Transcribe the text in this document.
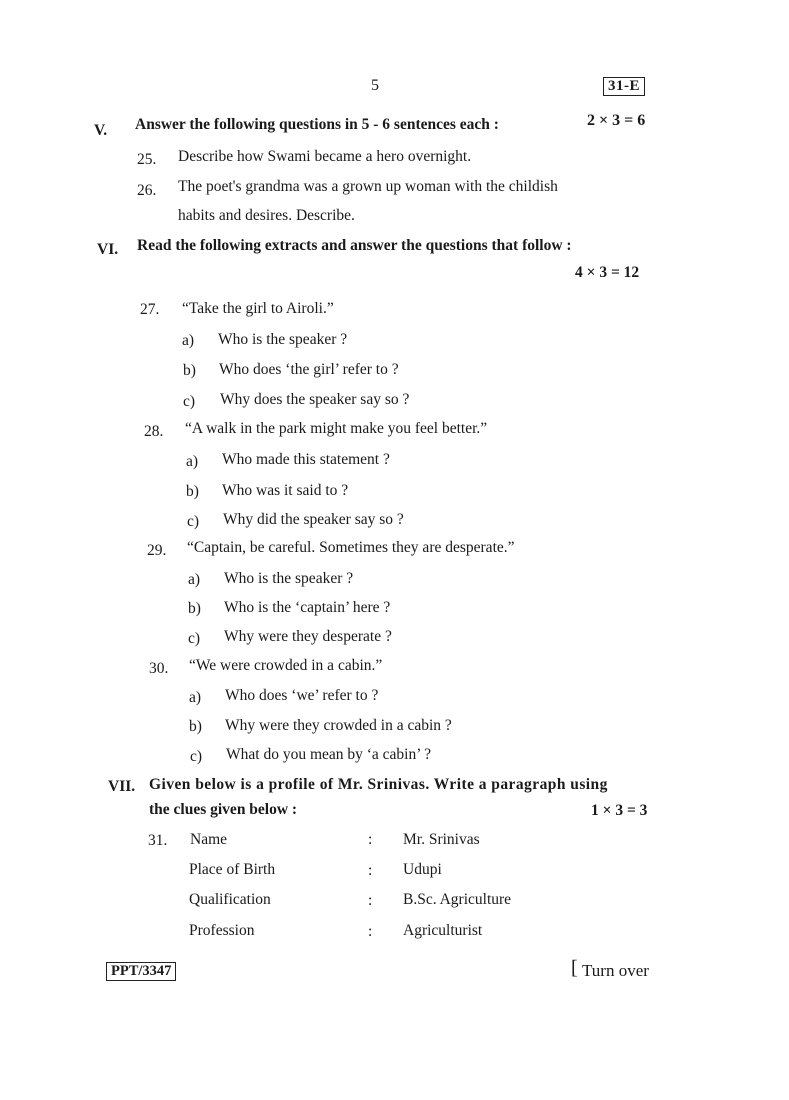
5	31-E
V. Answer the following questions in 5 - 6 sentences each :	2 × 3 = 6
25. Describe how Swami became a hero overnight.
26. The poet's grandma was a grown up woman with the childish
habits and desires. Describe.
VI. Read the following extracts and answer the questions that follow :
4 × 3 = 12
27. “Take the girl to Airoli.”
a) Who is the speaker ?
b) Who does ‘the girl’ refer to ?
c) Why does the speaker say so ?
28. “A walk in the park might make you feel better.”
a) Who made this statement ?
b) Who was it said to ?
c) Why did the speaker say so ?
29. “Captain, be careful. Sometimes they are desperate.”
a) Who is the speaker ?
b) Who is the ‘captain’ here ?
c) Why were they desperate ?
30. “We were crowded in a cabin.”
a) Who does ‘we’ refer to ?
b) Why were they crowded in a cabin ?
c) What do you mean by ‘a cabin’ ?
VII. Given below is a profile of Mr. Srinivas. Write a paragraph using
the clues given below :	1 × 3 = 3
31. Name	: Mr. Srinivas
Place of Birth	: Udupi
Qualification	: B.Sc. Agriculture
Profession	: Agriculturist
PPT/3347	[ Turn over
